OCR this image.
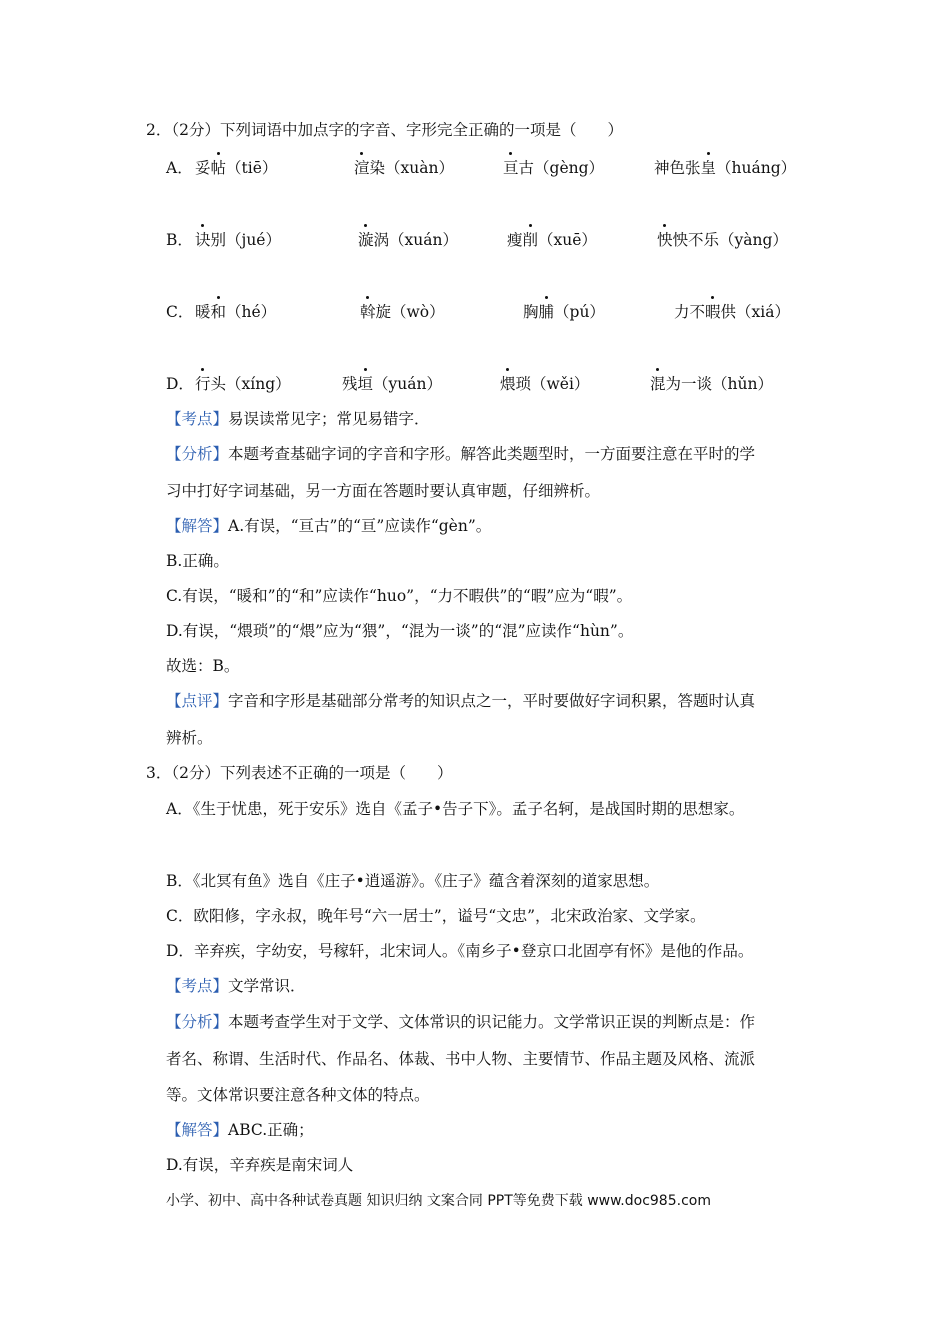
2．（2分）下列词语中加点字的字音、字形完全正确的一项是（　　）
A． 妥帖（tiē）	渲染（xuàn）	亘古（gèng）	神色张皇（huáng）
B． 诀别（jué）	漩涡（xuán）	瘦削（xuē）	怏怏不乐（yàng）
C． 暖和（hé）	斡旋（wò）	胸脯（pú）	力不暇供（xiá）
D． 行头（xíng）	残垣（yuán）	煨琐（wěi）	混为一谈（hǔn）
【考点】易误读常见字；常见易错字．
【分析】本题考查基础字词的字音和字形。解答此类题型时，一方面要注意在平时的学
习中打好字词基础，另一方面在答题时要认真审题，仔细辨析。
【解答】A.有误，“亘古”的“亘”应读作“gèn”。
B.正确。
C.有误，“暖和”的“和”应读作“huo”，“力不暇供”的“暇”应为“暇”。
D.有误，“煨琐”的“煨”应为“猥”，“混为一谈”的“混”应读作“hùn”。
故选：B。
【点评】字音和字形是基础部分常考的知识点之一，平时要做好字词积累，答题时认真
辨析。
3．（2分）下列表述不正确的一项是（　　）
A．《生于忧患，死于安乐》选自《孟子•告子下》。孟子名轲，是战国时期的思想家。
B．《北冥有鱼》选自《庄子•逍遥游》。《庄子》蕴含着深刻的道家思想。
C．欧阳修，字永叔，晚年号“六一居士”，谥号“文忠”，北宋政治家、文学家。
D．辛弃疾，字幼安，号稼轩，北宋词人。《南乡子•登京口北固亭有怀》是他的作品。
【考点】文学常识．
【分析】本题考查学生对于文学、文体常识的识记能力。文学常识正误的判断点是：作
者名、称谓、生活时代、作品名、体裁、书中人物、主要情节、作品主题及风格、流派
等。文体常识要注意各种文体的特点。
【解答】ABC.正确；
D.有误，辛弃疾是南宋词人
小学、初中、高中各种试卷真题 知识归纳 文案合同 PPT等免费下载 www.doc985.com
